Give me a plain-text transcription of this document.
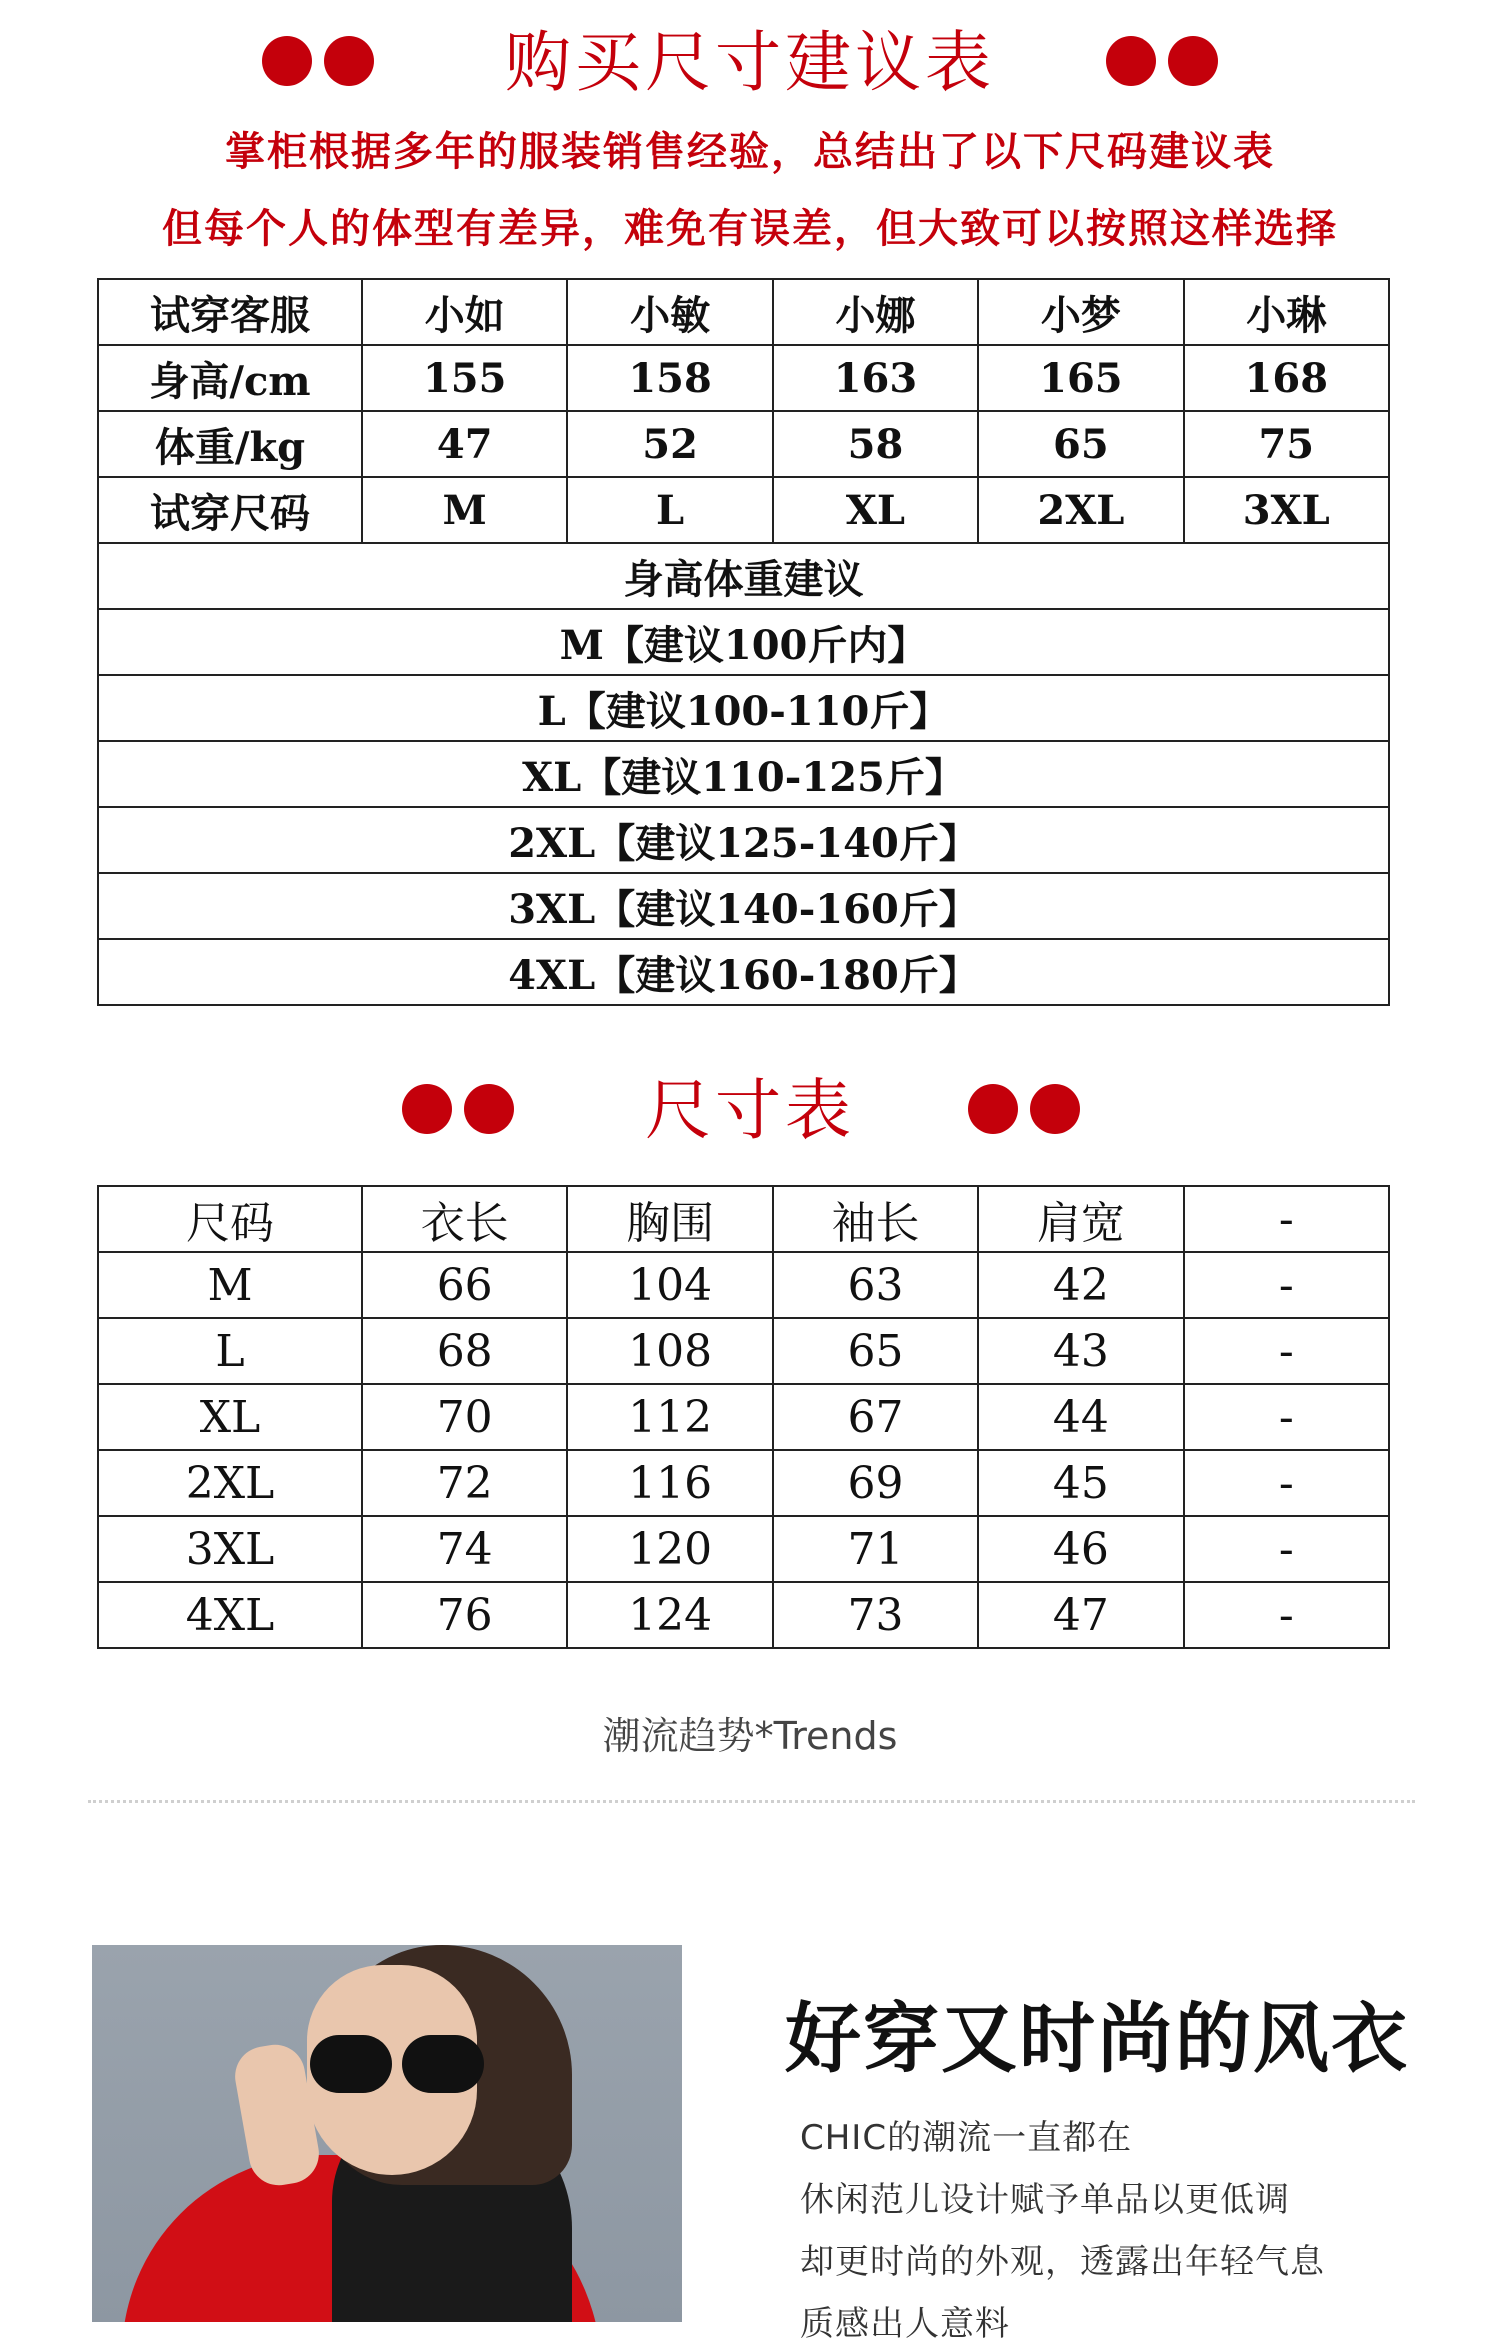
购买尺寸建议表
掌柜根据多年的服装销售经验，总结出了以下尺码建议表
但每个人的体型有差异，难免有误差，但大致可以按照这样选择
试穿客服	小如	小敏	小娜	小梦	小琳
身高/cm	155	158	163	165	168
体重/kg	47	52	58	65	75
试穿尺码	M	L	XL	2XL	3XL
身高体重建议					
M【建议100斤内】					
L【建议100-110斤】					
XL【建议110-125斤】					
2XL【建议125-140斤】					
3XL【建议140-160斤】					
4XL【建议160-180斤】					
尺寸表
尺码	衣长	胸围	袖长	肩宽	-
M	66	104	63	42	-
L	68	108	65	43	-
XL	70	112	67	44	-
2XL	72	116	69	45	-
3XL	74	120	71	46	-
4XL	76	124	73	47	-
潮流趋势*Trends
好穿又时尚的风衣
CHIC的潮流一直都在
休闲范儿设计赋予单品以更低调
却更时尚的外观，透露出年轻气息
质感出人意料
